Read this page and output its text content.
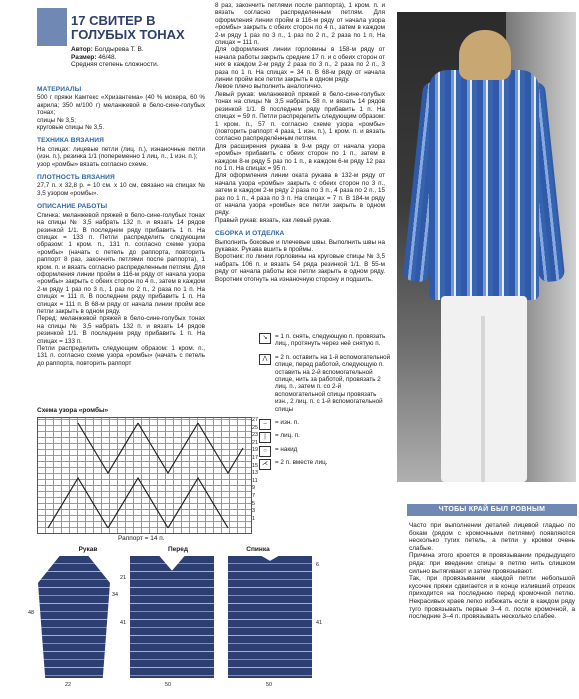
17 СВИТЕР В ГОЛУБЫХ ТОНАХ
Автор: Болдырева Т. В.
Размер: 46/48.
Средняя степень сложности.
МАТЕРИАЛЫ

500 г пряжи Камтекс «Хризантема» (40 % мохера, 60 % акрила; 350 м/100 г) меланжевой в бело-сине-голубых тонах;

спицы № 3,5;

круговые спицы № 3,5.

ТЕХНИКА ВЯЗАНИЯ

На спицах: лицевые петли (лиц. п.), изнаночные петли (изн. п.), резинка 1/1 (попеременно 1 лиц. п., 1 изн. п.);

узор «ромбы» вязать согласно схеме.

ПЛОТНОСТЬ ВЯЗАНИЯ

27,7 п. х 32,8 р. = 10 см. х 10 см, связано на спицах № 3,5 узором «ромбы».

ОПИСАНИЕ РАБОТЫ

Спинка: меланжевой пряжей в бело-сине-голубых тонах на спицы № 3,5 набрать 132 п. и вязать 14 рядов резинкой 1/1. В последнем ряду прибавить 1 п. На спицах = 133 п. Петли распределить следующим образом: 1 кром. п., 131 п. согласно схеме узора «ромбы» (начать с петель до раппорта, повторить раппорт 8 раз, закончить петлями после раппорта), 1 кром. п. и вязать согласно распределенным петлям. Для оформления линии пройм в 116-м ряду от начала узора «ромбы» закрыть с обеих сторон по 4 п., затем в каждом 2-м ряду 1 раз по 3 п., 1 раз по 2 п., 2 раза по 1 п. На спицах = 111 п. В последнем ряду прибавить 1 п. На спицах = 111 п. В 68-м ряду от начала линии пройм все петли закрыть в одном ряду.

Перед: меланжевой пряжей в бело-сине-голубых тонах на спицы № 3,5 набрать 132 п. и вязать 14 рядов резинкой 1/1. В последнем ряду прибавить 1 п. На спицах = 133 п.

Петли распределить следующим образом: 1 кром. п., 131 п. согласно схеме узора «ромбы» (начать с петель до раппорта, повторить раппорт

8 раз, закончить петлями после раппорта), 1 кром. п. и вязать согласно распределенным петлям. Для оформления линии пройм в 116-м ряду от начала узора «ромбы» закрыть с обеих сторон по 4 п., затем в каждом 2-м ряду 1 раз по 3 п., 1 раз по 2 п., 2 раза по 1 п. На спицах = 111 п.

Для оформления линии горловины в 158-м ряду от начала работы закрыть средние 17 п. и с обеих сторон от них в каждом 2-м ряду 2 раза по 3 п., 2 раза по 2 п., 3 раза по 1 п. На спицах = 34 п. В 68-м ряду от начала линии пройм все петли закрыть в одном ряду.

Левое плечо выполнить аналогично.

Левый рукав: меланжевой пряжей в бело-сине-голубых тонах на спицы № 3,5 набрать 58 п. и вязать 14 рядов резинкой 1/1. В последнем ряду прибавить 1 п. На спицах = 59 п. Петли распределить следующим образом: 1 кром. п., 57 п. согласно схеме узора «ромбы» (повторить раппорт 4 раза, 1 изн. п.), 1 кром. п. и вязать согласно распределённым петлям.

Для расширения рукава в 9-м ряду от начала узора «ромбы» прибавить с обеих сторон по 1 п., затем в каждом 8-м ряду 5 раз по 1 п., в каждом 6-м ряду 12 раз по 1 п. На спицах = 95 п.

Для оформления линии оката рукава в 132-м ряду от начала узора «ромбы» закрыть с обеих сторон по 3 п., затем в каждом 2-м ряду 2 раза по 3 п., 4 раза по 2 п., 15 раз по 1 п., 4 раза по 3 п. На спицах = 7 п. В 184-м ряду от начала узора «ромбы» все петли закрыть в одном ряду.

Правый рукав: вязать, как левый рукав.

СБОРКА И ОТДЕЛКА

Выполнить боковые и плечевые швы. Выполнить швы на рукавах. Рукава вшить в проймы.

Воротник: по линии горловины на круговые спицы № 3,5 набрать 106 п. и вязать 54 ряда резинкой 1/1. В 55-м ряду от начала работы все петли закрыть в одном ряду. Воротник отогнуть на изнаночную сторону и подшить.

↘	= 1 п. снять, следующую п. провязать лиц., протянуть через неё снятую п.
⋀	= 2 п. оставить на 1-й вспомогательной спице, перед работой, следующую п. оставить на 2-й вспомогательной спице, нить за работой, провязать 2 лиц. п., затем п. со 2-й вспомогательной спицы провязать изн., 2 лиц. п. с 1-й вспомогательной спицы
–	= изн. п.
|	= лиц. п.
○	= накид
⋌	= 2 п. вместе лиц.
Схема узора «ромбы»
27
25
23
21
19
17
15
13
11
9
7
5
3
1
Раппорт = 14 п.
Рукав	Перед	Спинка
22
48
34
50
41
21
50
41
6
ЧТОБЫ КРАЙ БЫЛ РОВНЫМ

Часто при выполнении деталей лицевой гладью по бокам (рядом с кромочными петлями) появляются несколько тугих петель, а петли у кромки очень слабые.

Причина этого кроется в провязывании предыдущего ряда: при введении спицы в петлю нить слишком сильно вытягивают и затем провязывают.

Так, при провязывании каждой петли небольшой кусочек пряжи сдвигается и в конце изливший отрезок приходится на последнюю перед кромочной петлю. Некрасивых краев легко избежать если в каждом ряду туго провязывать первые 3–4 п. после кромочной, а последние 3–4 п. провязывать несколько слабее.
